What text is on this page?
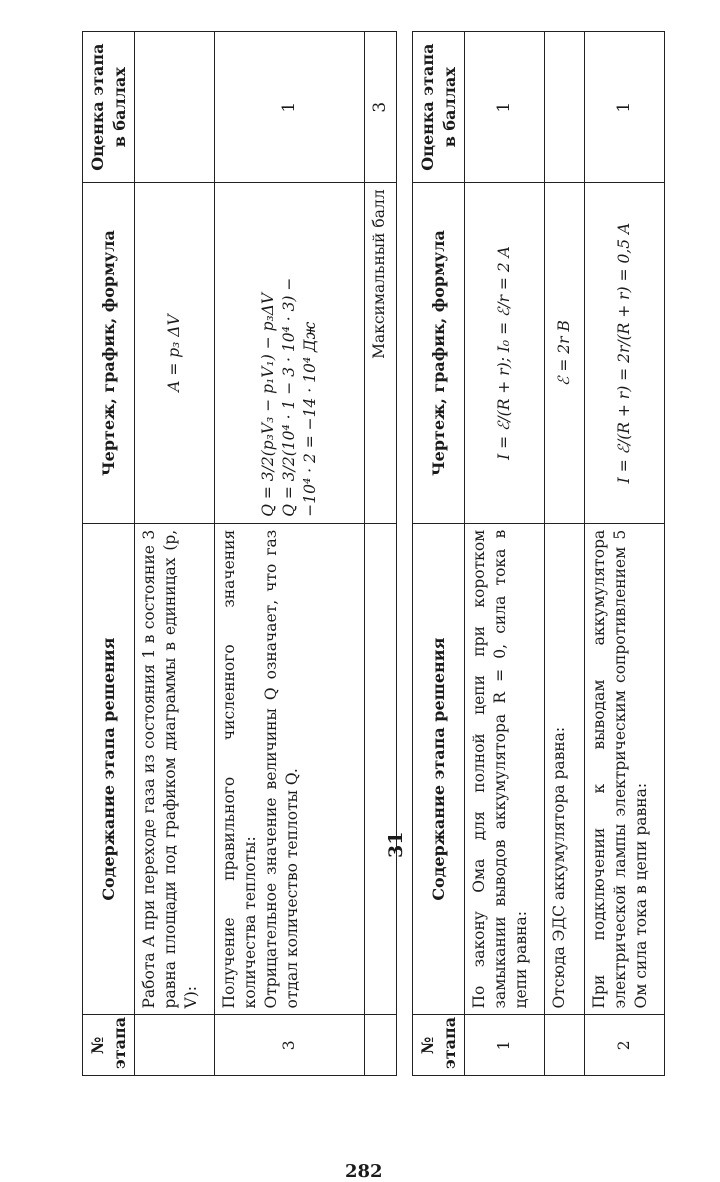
№ этапа	Содержание этапа решения	Чертеж, график, формула	Оценка этапа в баллах
	Работа A при переходе газа из состояния 1 в состояние 3 равна площади под графиком диаграммы в единицах (p, V):	A = p₃ ΔV	
3	Получение правильного численного значения количества теплоты: Отрицательное значение величины Q означает, что газ отдал количество теплоты Q.	Q = 3/2(p₃V₃ − p₁V₁) − p₃ΔV Q = 3/2(10⁴ · 1 − 3 · 10⁴ · 3) − −10⁴ · 2 = −14 · 10⁴ Дж	1
		Максимальный балл	3
282
31
№ этапа	Содержание этапа решения	Чертеж, график, формула	Оценка этапа в баллах
1	По закону Ома для полной цепи при коротком замыкании выводов аккумулятора R = 0, сила тока в цепи равна:	I = ℰ/(R + r); I₀ = ℰ/r = 2 A	1
	Отсюда ЭДС аккумулятора равна:	ℰ = 2r В	
2	При подключении к выводам аккумулятора электрической лампы электрическим сопротивлением 5 Ом сила тока в цепи равна:	I = ℰ/(R + r) = 2r/(R + r) = 0,5 A	1
